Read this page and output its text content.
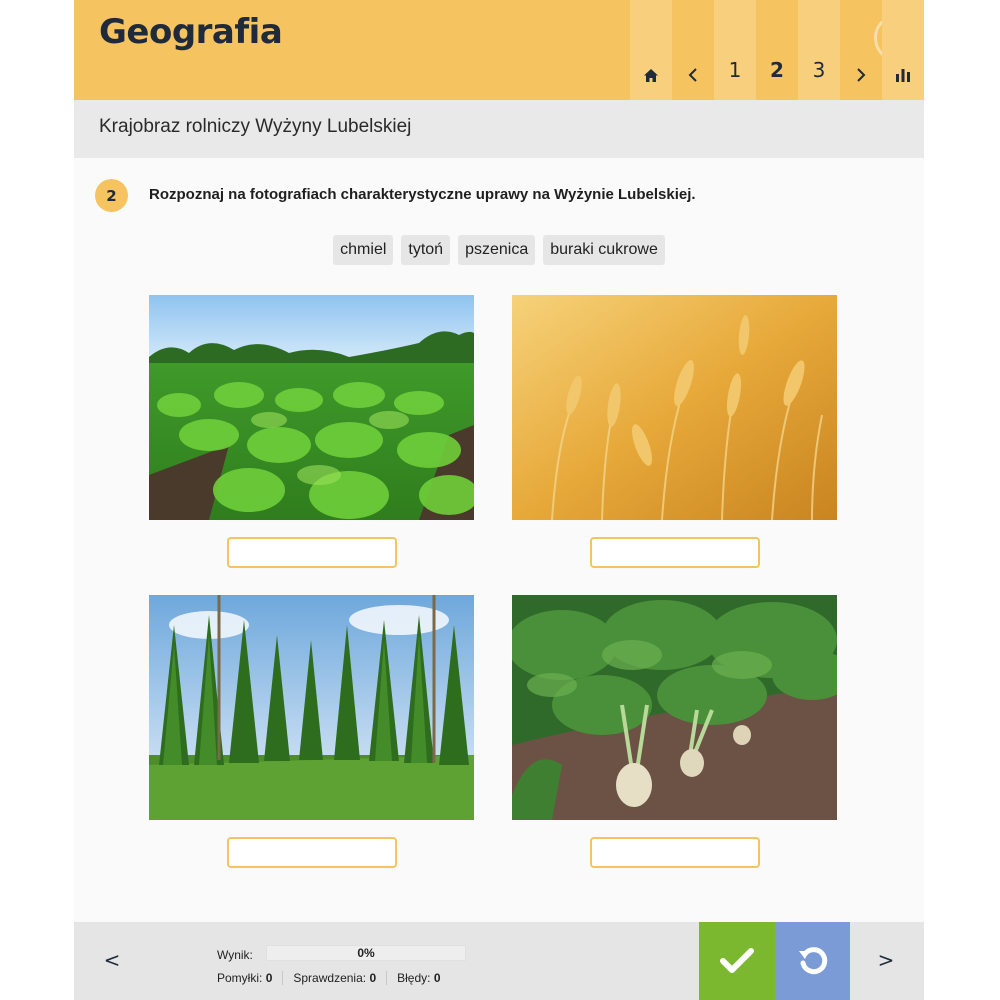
Geografia
1	2	3
Krajobraz rolniczy Wyżyny Lubelskiej
2	Rozpoznaj na fotografiach charakterystyczne uprawy na Wyżynie Lubelskiej.
chmiel	tytoń	pszenica	buraki cukrowe
<	Wynik:	0%
Pomyłki: 0	Sprawdzenia: 0	Błędy: 0
>
